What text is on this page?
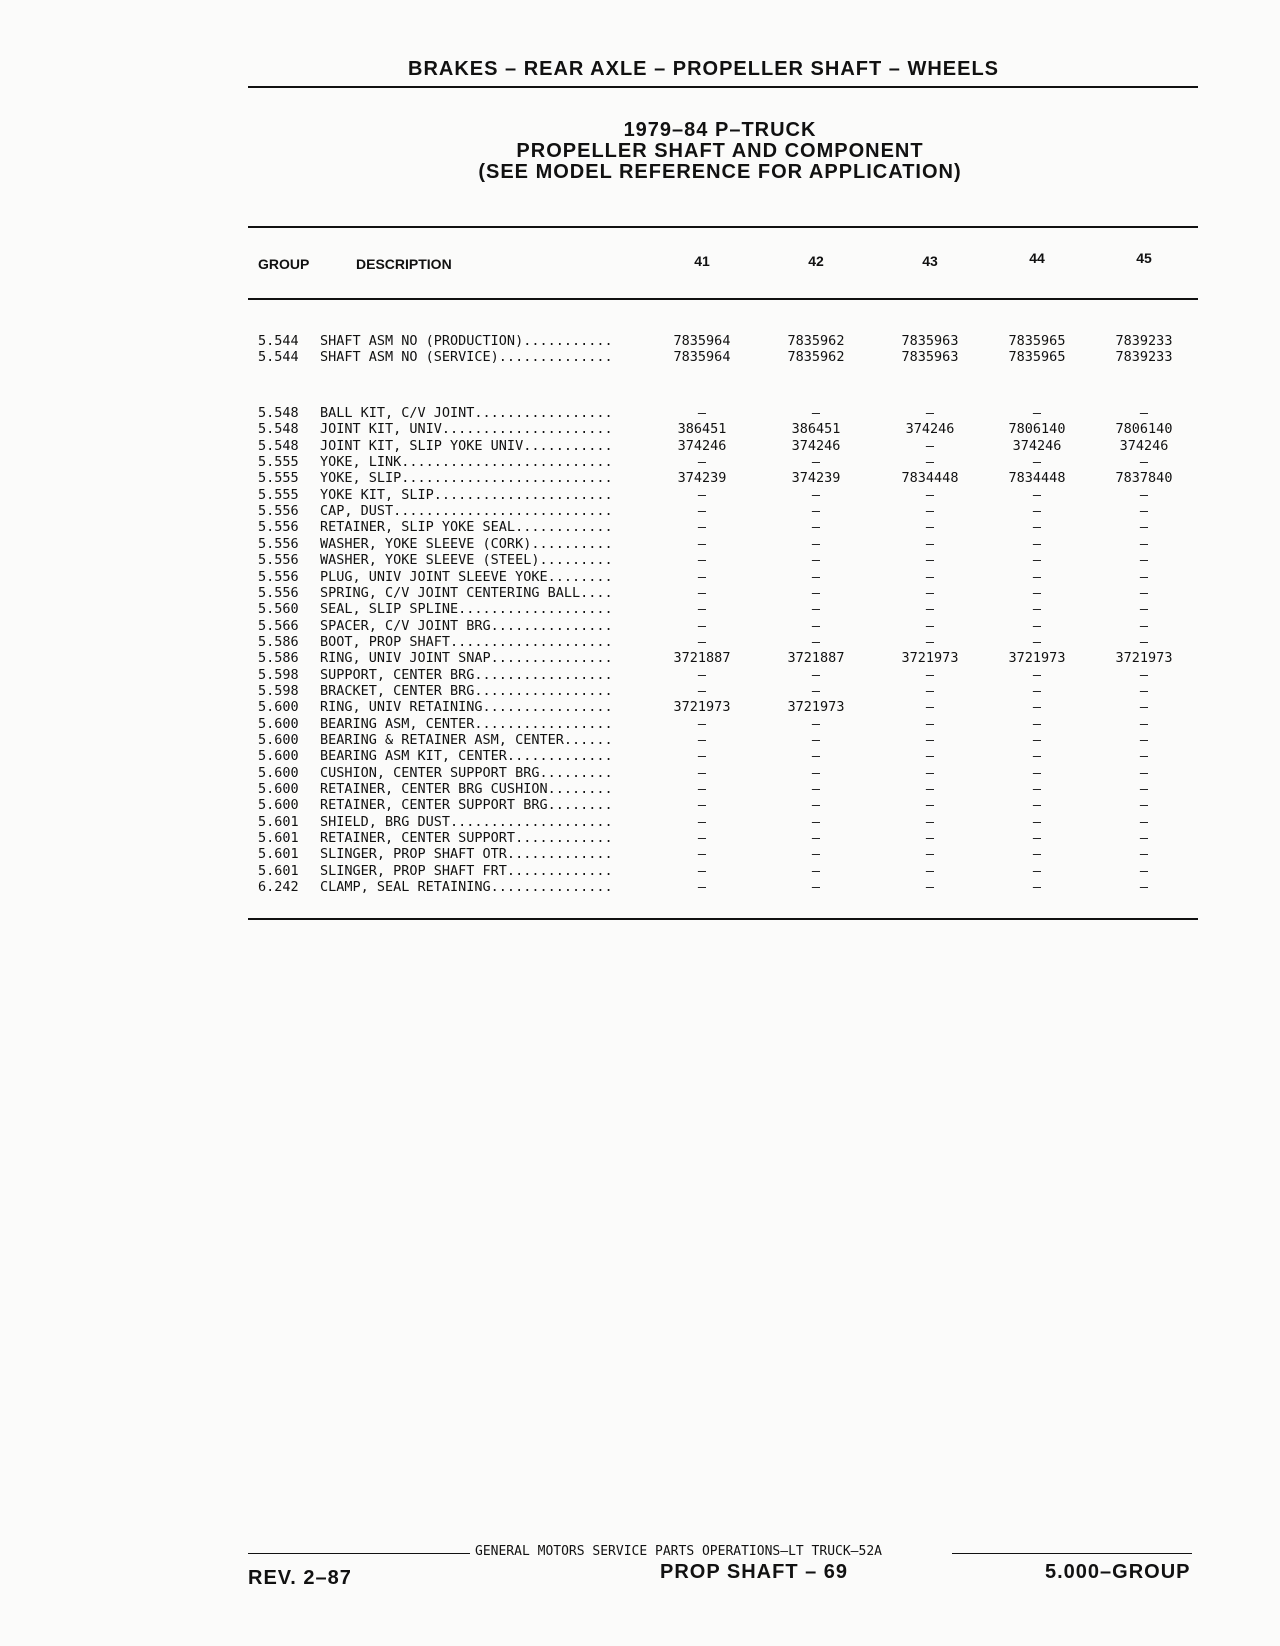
BRAKES – REAR AXLE – PROPELLER SHAFT – WHEELS
1979–84 P–TRUCK
PROPELLER SHAFT AND COMPONENT
(SEE MODEL REFERENCE FOR APPLICATION)
GROUP	DESCRIPTION	41	42	43	44	45
5.544	SHAFT ASM NO (PRODUCTION)...........	7835964	7835962	7835963	7835965	7839233
5.544	SHAFT ASM NO (SERVICE)..............	7835964	7835962	7835963	7835965	7839233
5.548	BALL KIT, C/V JOINT.................	—	—	—	—	—
5.548	JOINT KIT, UNIV.....................	386451	386451	374246	7806140	7806140
5.548	JOINT KIT, SLIP YOKE UNIV...........	374246	374246	—	374246	374246
5.555	YOKE, LINK..........................	—	—	—	—	—
5.555	YOKE, SLIP..........................	374239	374239	7834448	7834448	7837840
5.555	YOKE KIT, SLIP......................	—	—	—	—	—
5.556	CAP, DUST...........................	—	—	—	—	—
5.556	RETAINER, SLIP YOKE SEAL............	—	—	—	—	—
5.556	WASHER, YOKE SLEEVE (CORK)..........	—	—	—	—	—
5.556	WASHER, YOKE SLEEVE (STEEL).........	—	—	—	—	—
5.556	PLUG, UNIV JOINT SLEEVE YOKE........	—	—	—	—	—
5.556	SPRING, C/V JOINT CENTERING BALL....	—	—	—	—	—
5.560	SEAL, SLIP SPLINE...................	—	—	—	—	—
5.566	SPACER, C/V JOINT BRG...............	—	—	—	—	—
5.586	BOOT, PROP SHAFT....................	—	—	—	—	—
5.586	RING, UNIV JOINT SNAP...............	3721887	3721887	3721973	3721973	3721973
5.598	SUPPORT, CENTER BRG.................	—	—	—	—	—
5.598	BRACKET, CENTER BRG.................	—	—	—	—	—
5.600	RING, UNIV RETAINING................	3721973	3721973	—	—	—
5.600	BEARING ASM, CENTER.................	—	—	—	—	—
5.600	BEARING & RETAINER ASM, CENTER......	—	—	—	—	—
5.600	BEARING ASM KIT, CENTER.............	—	—	—	—	—
5.600	CUSHION, CENTER SUPPORT BRG.........	—	—	—	—	—
5.600	RETAINER, CENTER BRG CUSHION........	—	—	—	—	—
5.600	RETAINER, CENTER SUPPORT BRG........	—	—	—	—	—
5.601	SHIELD, BRG DUST....................	—	—	—	—	—
5.601	RETAINER, CENTER SUPPORT............	—	—	—	—	—
5.601	SLINGER, PROP SHAFT OTR.............	—	—	—	—	—
5.601	SLINGER, PROP SHAFT FRT.............	—	—	—	—	—
6.242	CLAMP, SEAL RETAINING...............	—	—	—	—	—
GENERAL MOTORS SERVICE PARTS OPERATIONS—LT TRUCK—52A
REV. 2–87	PROP SHAFT – 69	5.000–GROUP
